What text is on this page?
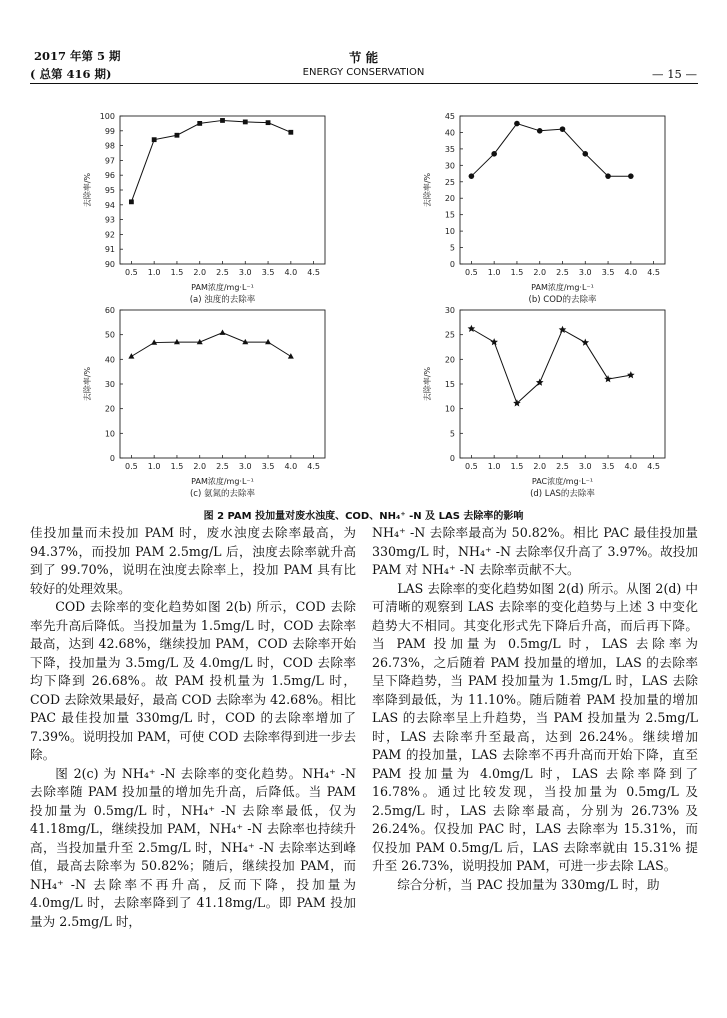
2017 年第 5 期
( 总第 416 期)
节 能
ENERGY CONSERVATION	— 15 —
90
91
92
93
94
95
96
97
98
99
100
0.5 1.0 1.5 2.0 2.5 3.0 3.5 4.0 4.5
PAM浓度/mg·L⁻¹
去除率/%
(a) 浊度的去除率
0
5
10
15
20
25
30
35
40
45
0.5 1.0 1.5 2.0 2.5 3.0 3.5 4.0 4.5
PAM浓度/mg·L⁻¹
去除率/%
(b) COD的去除率
0
10
20
30
40
50
60
0.5 1.0 1.5 2.0 2.5 3.0 3.5 4.0 4.5
PAM浓度/mg·L⁻¹
去除率/%
(c) 氨氮的去除率
0
5
10
15
20
25
30
0.5 1.0 1.5 2.0 2.5 3.0 3.5 4.0 4.5
PAC浓度/mg·L⁻¹
去除率/%
(d) LAS的去除率
图 2 PAM 投加量对废水浊度、COD、NH₄⁺ -N 及 LAS 去除率的影响

佳投加量而未投加 PAM 时，废水浊度去除率最高，为 94.37%，而投加 PAM 2.5mg/L 后，浊度去除率就升高到了 99.70%，说明在浊度去除率上，投加 PAM 具有比较好的处理效果。

COD 去除率的变化趋势如图 2(b) 所示，COD 去除率先升高后降低。当投加量为 1.5mg/L 时，COD 去除率最高，达到 42.68%，继续投加 PAM，COD 去除率开始下降，投加量为 3.5mg/L 及 4.0mg/L 时，COD 去除率均下降到 26.68%。故 PAM 投机量为 1.5mg/L 时，COD 去除效果最好，最高 COD 去除率为 42.68%。相比 PAC 最佳投加量 330mg/L 时，COD 的去除率增加了 7.39%。说明投加 PAM，可使 COD 去除率得到进一步去除。

图 2(c) 为 NH₄⁺ -N 去除率的变化趋势。NH₄⁺ -N 去除率随 PAM 投加量的增加先升高，后降低。当 PAM 投加量为 0.5mg/L 时，NH₄⁺ -N 去除率最低，仅为 41.18mg/L，继续投加 PAM，NH₄⁺ -N 去除率也持续升高，当投加量升至 2.5mg/L 时，NH₄⁺ -N 去除率达到峰值，最高去除率为 50.82%；随后，继续投加 PAM，而 NH₄⁺ -N 去除率不再升高，反而下降，投加量为 4.0mg/L 时，去除率降到了 41.18mg/L。即 PAM 投加量为 2.5mg/L 时，

NH₄⁺ -N 去除率最高为 50.82%。相比 PAC 最佳投加量 330mg/L 时，NH₄⁺ -N 去除率仅升高了 3.97%。故投加 PAM 对 NH₄⁺ -N 去除率贡献不大。

LAS 去除率的变化趋势如图 2(d) 所示。从图 2(d) 中可清晰的观察到 LAS 去除率的变化趋势与上述 3 中变化趋势大不相同。其变化形式先下降后升高，而后再下降。当 PAM 投加量为 0.5mg/L 时，LAS 去除率为 26.73%，之后随着 PAM 投加量的增加，LAS 的去除率呈下降趋势，当 PAM 投加量为 1.5mg/L 时，LAS 去除率降到最低，为 11.10%。随后随着 PAM 投加量的增加 LAS 的去除率呈上升趋势，当 PAM 投加量为 2.5mg/L 时，LAS 去除率升至最高，达到 26.24%。继续增加 PAM 的投加量，LAS 去除率不再升高而开始下降，直至 PAM 投加量为 4.0mg/L 时，LAS 去除率降到了 16.78%。通过比较发现，当投加量为 0.5mg/L 及 2.5mg/L 时，LAS 去除率最高，分别为 26.73% 及 26.24%。仅投加 PAC 时，LAS 去除率为 15.31%，而仅投加 PAM 0.5mg/L 后，LAS 去除率就由 15.31% 提升至 26.73%，说明投加 PAM，可进一步去除 LAS。

综合分析，当 PAC 投加量为 330mg/L 时，助
